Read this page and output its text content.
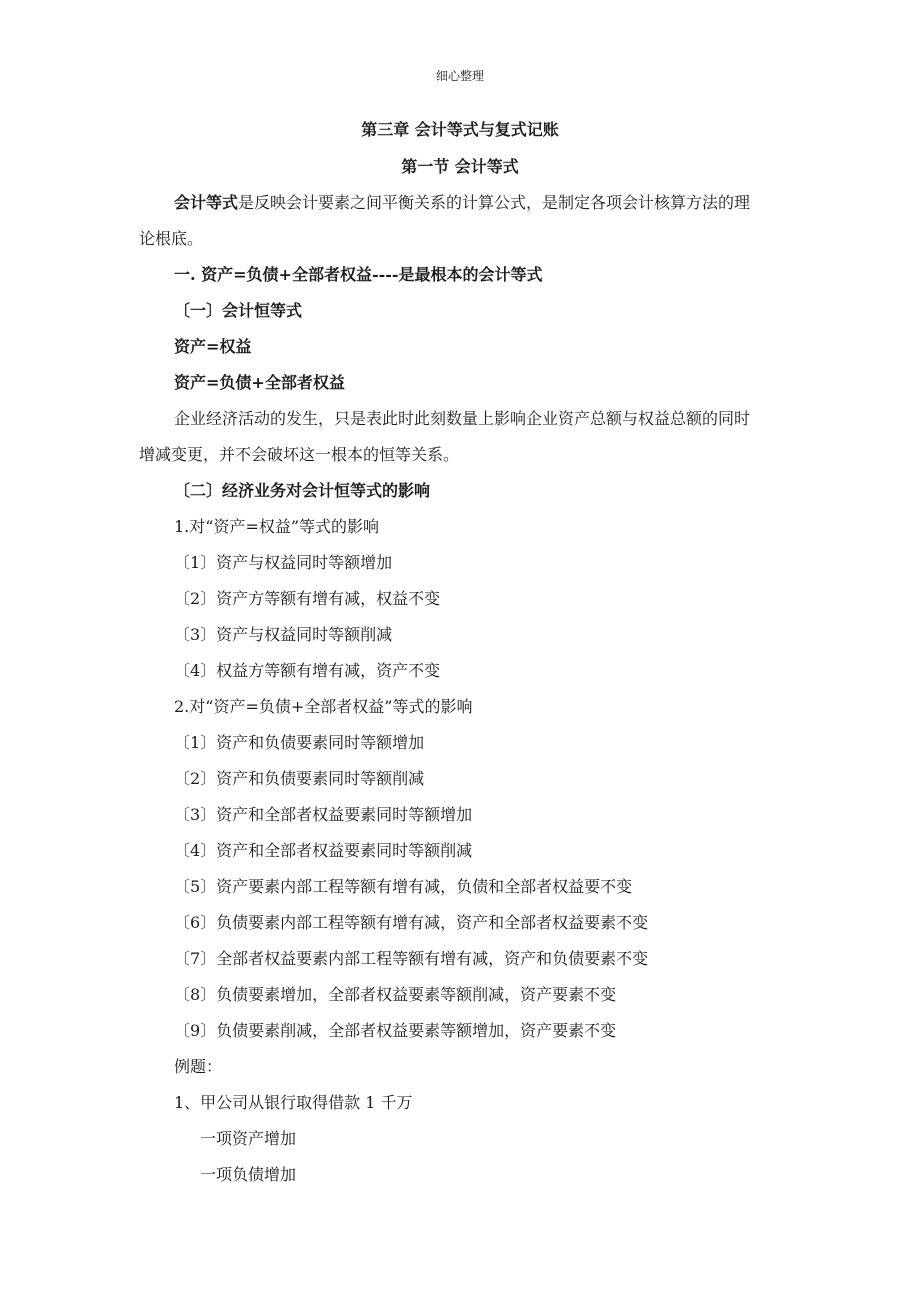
细心整理
第三章 会计等式与复式记账
第一节 会计等式
会计等式是反映会计要素之间平衡关系的计算公式，是制定各项会计核算方法的理
论根底。
一. 资产=负债+全部者权益----是最根本的会计等式
〔一〕会计恒等式
资产=权益
资产=负债+全部者权益
企业经济活动的发生，只是表此时此刻数量上影响企业资产总额与权益总额的同时
增减变更，并不会破坏这一根本的恒等关系。
〔二〕经济业务对会计恒等式的影响
1.对“资产=权益”等式的影响
〔1〕资产与权益同时等额增加
〔2〕资产方等额有增有减，权益不变
〔3〕资产与权益同时等额削减
〔4〕权益方等额有增有减，资产不变
2.对“资产=负债+全部者权益”等式的影响
〔1〕资产和负债要素同时等额增加
〔2〕资产和负债要素同时等额削减
〔3〕资产和全部者权益要素同时等额增加
〔4〕资产和全部者权益要素同时等额削减
〔5〕资产要素内部工程等额有增有减，负债和全部者权益要不变
〔6〕负债要素内部工程等额有增有减，资产和全部者权益要素不变
〔7〕全部者权益要素内部工程等额有增有减，资产和负债要素不变
〔8〕负债要素增加，全部者权益要素等额削减，资产要素不变
〔9〕负债要素削减，全部者权益要素等额增加，资产要素不变
例题：
1、甲公司从银行取得借款 1 千万
一项资产增加
一项负债增加
